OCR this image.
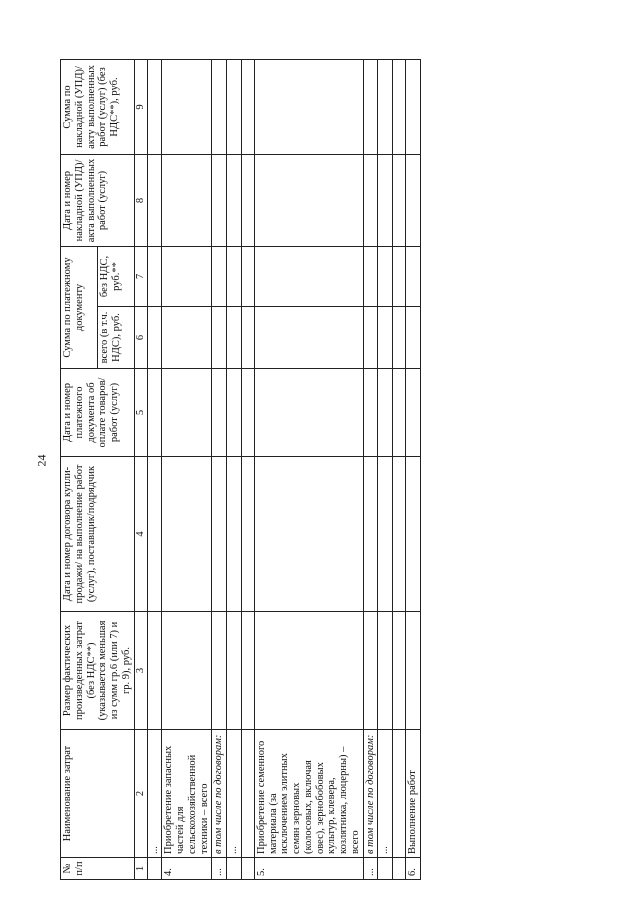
24
№ п/п	Наименование затрат	Размер фактических произведенных затрат (без НДС**) (указывается меньшая из сумм гр.6 (или 7) и гр. 9), руб.	Дата и номер договора купли-продажи/ на выполнение работ (услуг), поставщик/подрядчик	Дата и номер платежного документа об оплате товаров/работ (услуг)	Сумма по платежному документу		Дата и номер накладной (УПД)/акта выполненных работ (услуг)	Сумма по накладной (УПД)/акту выполненных работ (услуг) (без НДС**), руб.
					всего (в т.ч. НДС), руб.	без НДС, руб.**		
1	2	3	4	5	6	7	8	9
	...							
4.	Приобретение запасных частей для сельскохозяйственной техники – всего							
...	в том числе по договорам:							
	...							

5.	Приобретение семенного материала (за исключением элитных семян зерновых (колосовых, включая овес), зернобобовых культур, клевера, козлятника, люцерны) – всего							
...	в том числе по договорам:							
	...							

6.	Выполнение работ							
